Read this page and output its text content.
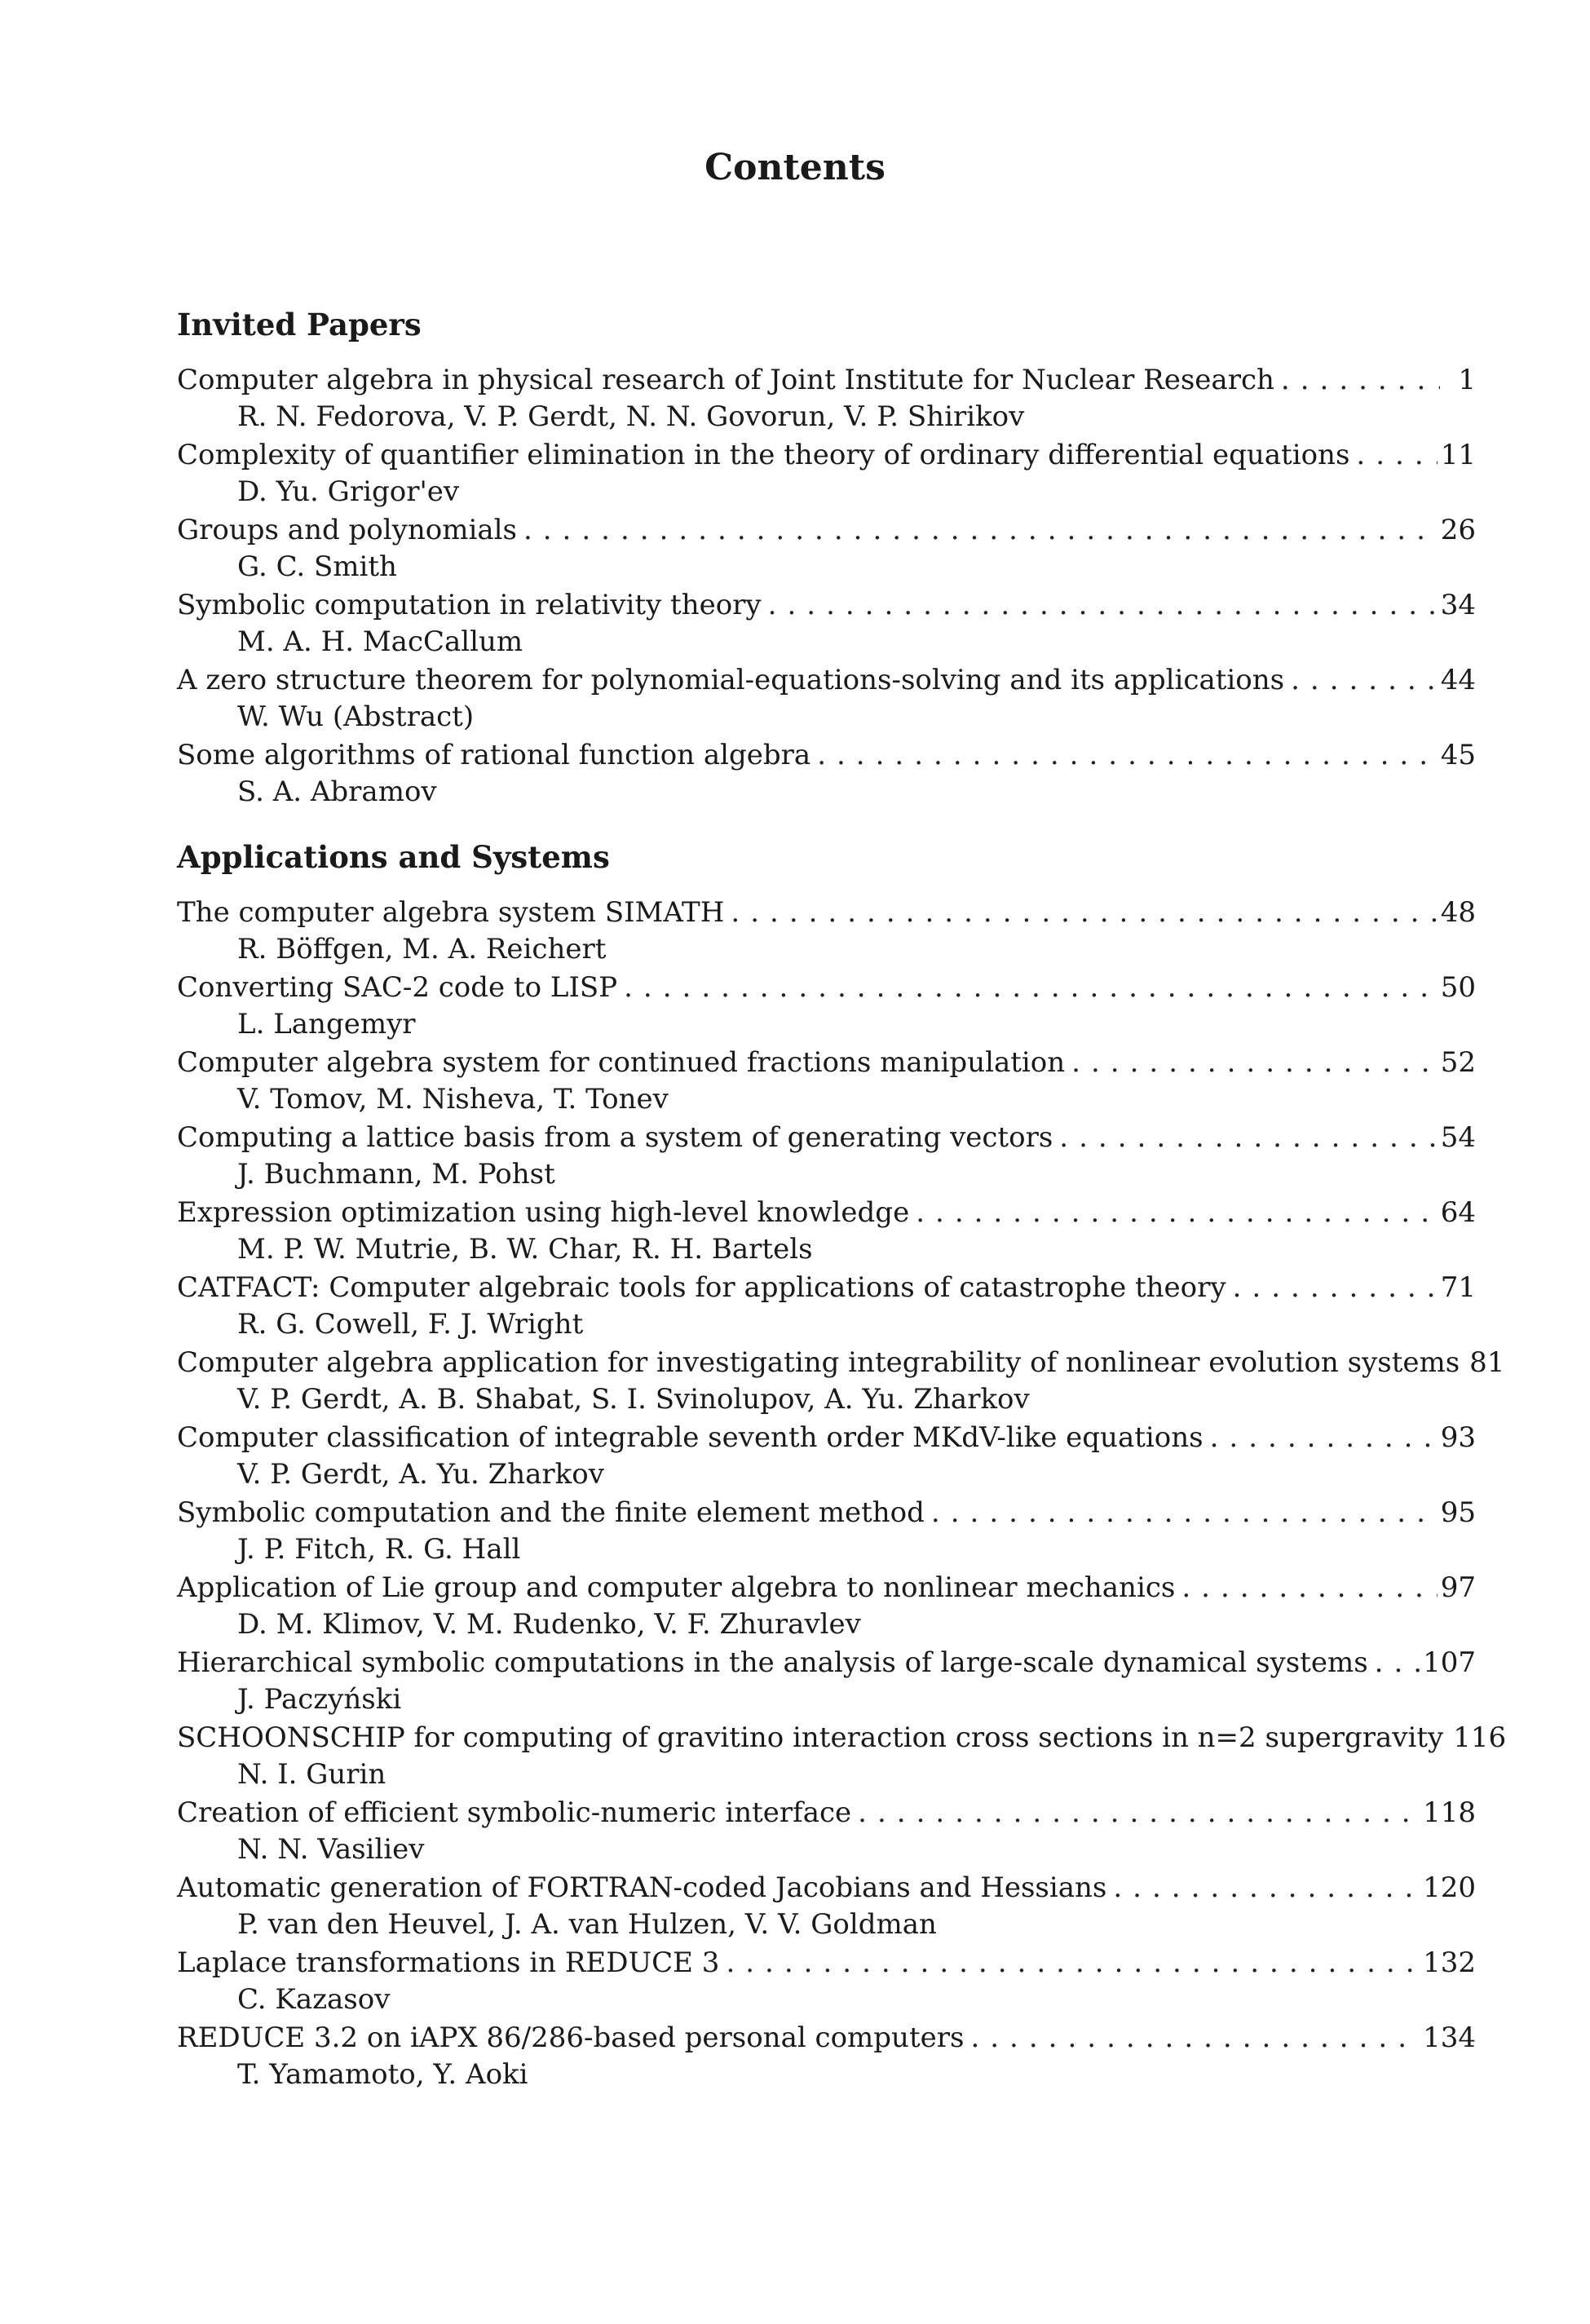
Contents
Invited Papers
Computer algebra in physical research of Joint Institute for Nuclear Research .....	1
R. N. Fedorova, V. P. Gerdt, N. N. Govorun, V. P. Shirikov
Complexity of quantifier elimination in the theory of ordinary differential equations .....	11
D. Yu. Grigor'ev
Groups and polynomials .....	26
G. C. Smith
Symbolic computation in relativity theory .....	34
M. A. H. MacCallum
A zero structure theorem for polynomial-equations-solving and its applications .....	44
W. Wu (Abstract)
Some algorithms of rational function algebra .....	45
S. A. Abramov
Applications and Systems
The computer algebra system SIMATH .....	48
R. Böffgen, M. A. Reichert
Converting SAC-2 code to LISP .....	50
L. Langemyr
Computer algebra system for continued fractions manipulation .....	52
V. Tomov, M. Nisheva, T. Tonev
Computing a lattice basis from a system of generating vectors .....	54
J. Buchmann, M. Pohst
Expression optimization using high-level knowledge .....	64
M. P. W. Mutrie, B. W. Char, R. H. Bartels
CATFACT: Computer algebraic tools for applications of catastrophe theory .....	71
R. G. Cowell, F. J. Wright
Computer algebra application for investigating integrability of nonlinear evolution systems ..... 81
V. P. Gerdt, A. B. Shabat, S. I. Svinolupov, A. Yu. Zharkov
Computer classification of integrable seventh order MKdV-like equations .....	93
V. P. Gerdt, A. Yu. Zharkov
Symbolic computation and the finite element method .....	95
J. P. Fitch, R. G. Hall
Application of Lie group and computer algebra to nonlinear mechanics .....	97
D. M. Klimov, V. M. Rudenko, V. F. Zhuravlev
Hierarchical symbolic computations in the analysis of large-scale dynamical systems ..... 107
J. Paczyński
SCHOONSCHIP for computing of gravitino interaction cross sections in n=2 supergravity ..... 116
N. I. Gurin
Creation of efficient symbolic-numeric interface .....	118
N. N. Vasiliev
Automatic generation of FORTRAN-coded Jacobians and Hessians .....	120
P. van den Heuvel, J. A. van Hulzen, V. V. Goldman
Laplace transformations in REDUCE 3 .....	132
C. Kazasov
REDUCE 3.2 on iAPX 86/286-based personal computers .....	134
T. Yamamoto, Y. Aoki
